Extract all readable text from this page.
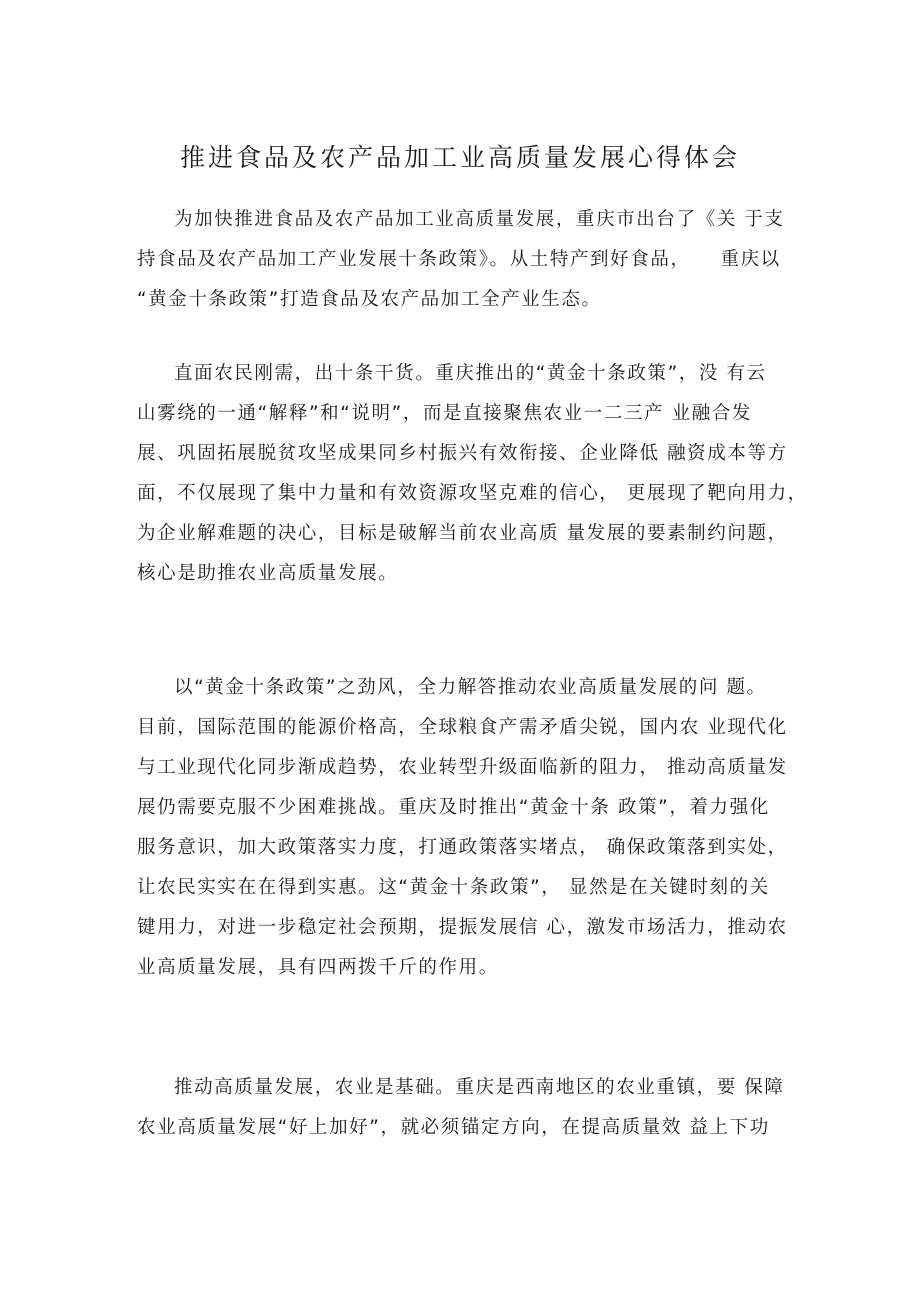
推进食品及农产品加工业高质量发展心得体会
为加快推进食品及农产品加工业高质量发展，重庆市出台了《关 于支
持食品及农产品加工产业发展十条政策》。从土特产到好食品，    重庆以
“黄金十条政策”打造食品及农产品加工全产业生态。
直面农民刚需，出十条干货。重庆推出的“黄金十条政策”，没 有云
山雾绕的一通“解释”和“说明”，而是直接聚焦农业一二三产 业融合发
展、巩固拓展脱贫攻坚成果同乡村振兴有效衔接、企业降低 融资成本等方
面，不仅展现了集中力量和有效资源攻坚克难的信心， 更展现了靶向用力，
为企业解难题的决心，目标是破解当前农业高质 量发展的要素制约问题，
核心是助推农业高质量发展。
以“黄金十条政策”之劲风，全力解答推动农业高质量发展的问 题。
目前，国际范围的能源价格高，全球粮食产需矛盾尖锐，国内农 业现代化
与工业现代化同步渐成趋势，农业转型升级面临新的阻力， 推动高质量发
展仍需要克服不少困难挑战。重庆及时推出“黄金十条 政策”，着力强化
服务意识，加大政策落实力度，打通政策落实堵点， 确保政策落到实处，
让农民实实在在得到实惠。这“黄金十条政策”， 显然是在关键时刻的关
键用力，对进一步稳定社会预期，提振发展信 心，激发市场活力，推动农
业高质量发展，具有四两拨千斤的作用。
推动高质量发展，农业是基础。重庆是西南地区的农业重镇，要 保障
农业高质量发展“好上加好”，就必须锚定方向，在提高质量效 益上下功
